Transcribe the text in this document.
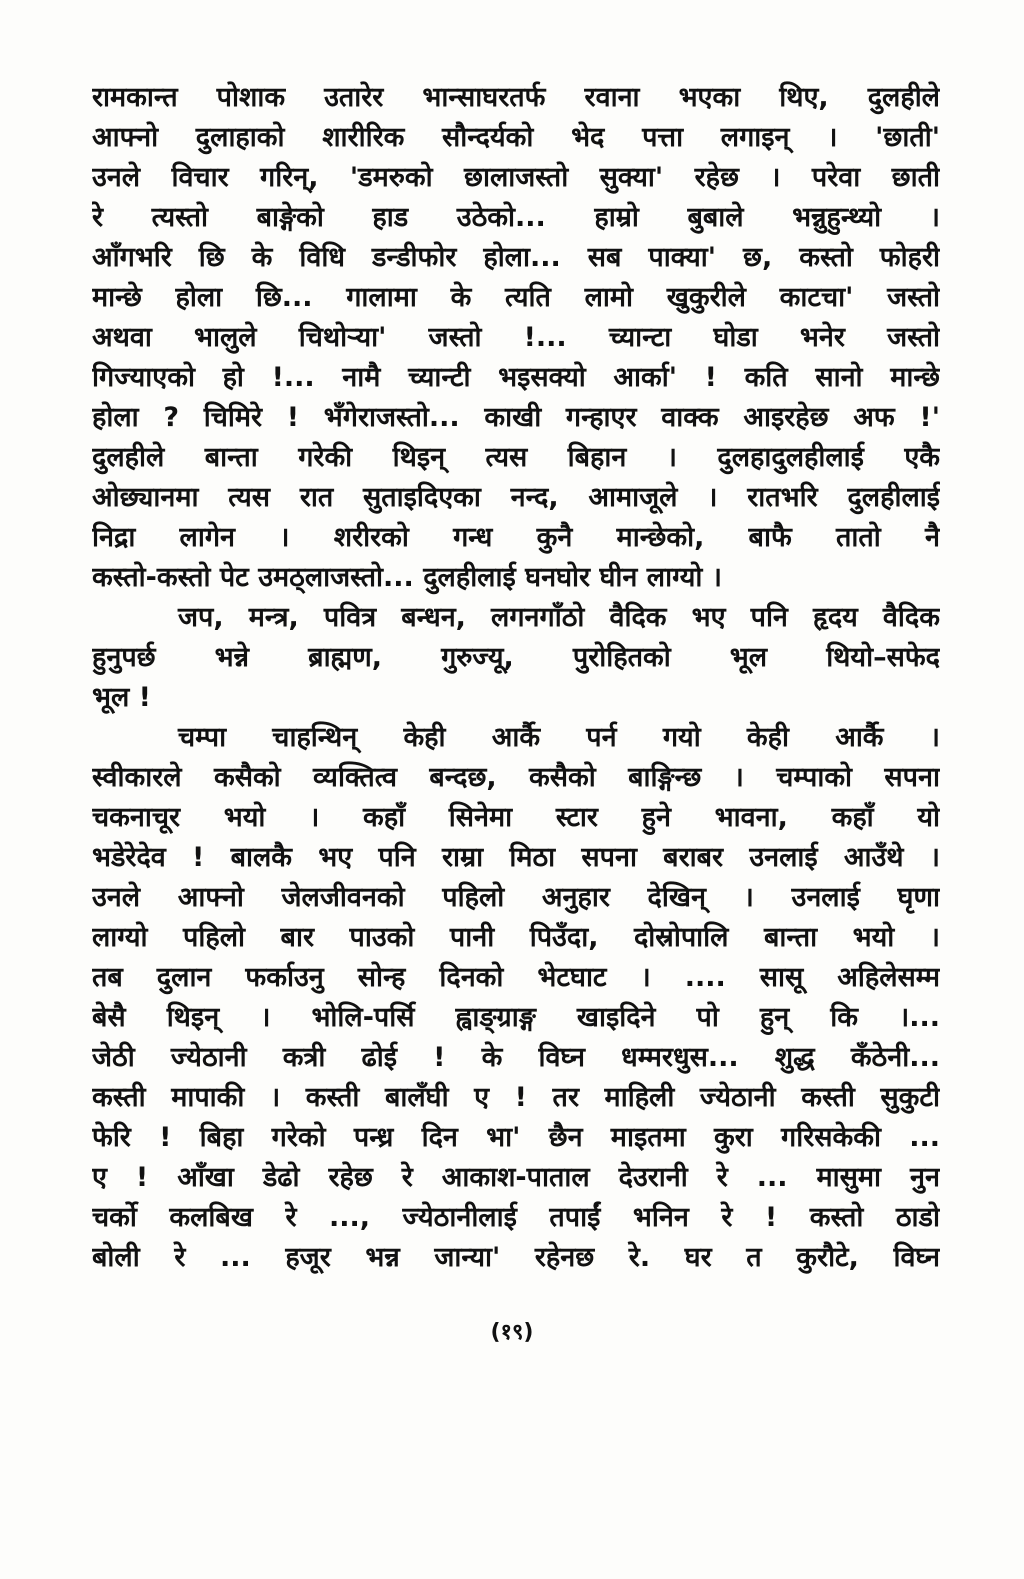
रामकान्त पोशाक उतारेर भान्साघरतर्फ रवाना भएका थिए, दुलहीले
आफ्नो दुलाहाको शारीरिक सौन्दर्यको भेद पत्ता लगाइन् । 'छाती'
उनले विचार गरिन्, 'डमरुको छालाजस्तो सुक्या' रहेछ । परेवा छाती
रे त्यस्तो बाङ्गेको हाड उठेको... हाम्रो बुबाले भन्नुहुन्थ्यो ।
आँगभरि छि के विधि डन्डीफोर होला... सब पाक्या' छ, कस्तो फोहरी
मान्छे होला छि... गालामा के त्यति लामो खुकुरीले काटचा' जस्तो
अथवा भालुले चिथोऱ्या' जस्तो !... च्यान्टा घोडा भनेर जस्तो
गिज्याएको हो !... नामै च्यान्टी भइसक्यो आर्का' ! कति सानो मान्छे
होला ? चिमिरे ! भँगेराजस्तो... काखी गन्हाएर वाक्क आइरहेछ अफ !'
दुलहीले बान्ता गरेकी थिइन् त्यस बिहान । दुलहादुलहीलाई एकै
ओछ्यानमा त्यस रात सुताइदिएका नन्द, आमाजूले । रातभरि दुलहीलाई
निद्रा लागेन । शरीरको गन्ध कुनै मान्छेको, बाफै तातो नै
कस्तो-कस्तो पेट उमठ्लाजस्तो... दुलहीलाई घनघोर घीन लाग्यो ।
जप, मन्त्र, पवित्र बन्धन, लगनगाँठो वैदिक भए पनि हृदय वैदिक
हुनुपर्छ भन्ने ब्राह्मण, गुरुज्यू, पुरोहितको भूल थियो–सफेद
भूल !
चम्पा चाहन्थिन् केही आर्कै पर्न गयो केही आर्कै ।
स्वीकारले कसैको व्यक्तित्व बन्दछ, कसैको बाङ्गिन्छ । चम्पाको सपना
चकनाचूर भयो । कहाँ सिनेमा स्टार हुने भावना, कहाँ यो
भडेरेदेव ! बालकै भए पनि राम्रा मिठा सपना बराबर उनलाई आउँथे ।
उनले आफ्नो जेलजीवनको पहिलो अनुहार देखिन् । उनलाई घृणा
लाग्यो पहिलो बार पाउको पानी पिउँदा, दोस्रोपालि बान्ता भयो ।
तब दुलान फर्काउनु सोन्ह दिनको भेटघाट । .... सासू अहिलेसम्म
बेसै थिइन् । भोलि-पर्सि ह्वाङ्ग्राङ्ग खाइदिने पो हुन् कि ।...
जेठी ज्येठानी कत्री ढोई ! के विघ्न धम्मरधुस... शुद्ध कँठेनी...
कस्ती मापाकी । कस्ती बालँघी ए ! तर माहिली ज्येठानी कस्ती सुकुटी
फेरि ! बिहा गरेको पन्ध्र दिन भा' छैन माइतमा कुरा गरिसकेकी ...
ए ! आँखा डेढो रहेछ रे आकाश-पाताल देउरानी रे ... मासुमा नुन
चर्को कलबिख रे ..., ज्येठानीलाई तपाईं भनिन रे ! कस्तो ठाडो
बोली रे ... हजूर भन्न जान्या' रहेनछ रे. घर त कुरौटे, विघ्न
(१९)
